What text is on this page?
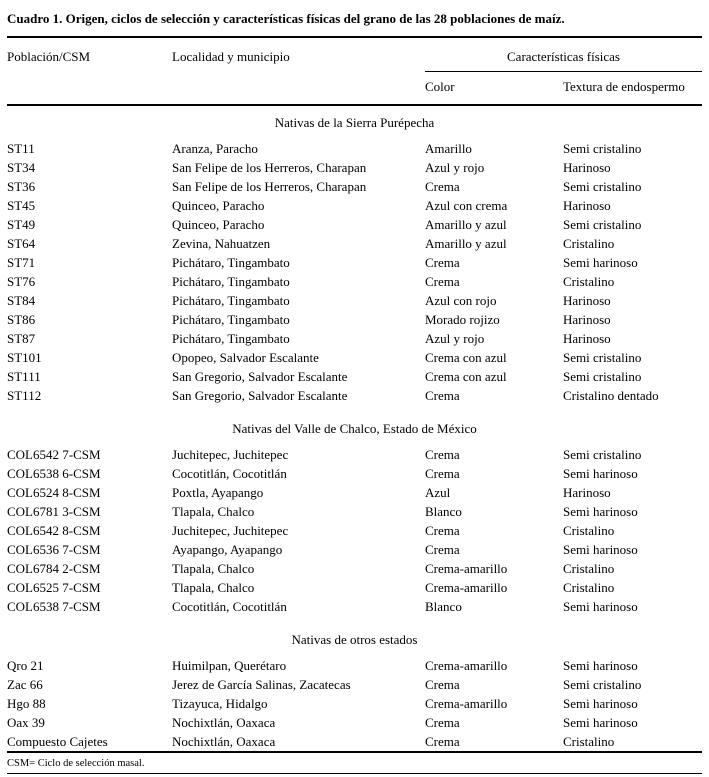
Cuadro 1. Origen, ciclos de selección y características físicas del grano de las 28 poblaciones de maíz.
Población/CSM	Localidad y municipio	Características físicas	
		Color	Textura de endospermo
Nativas de la Sierra Purépecha			
ST11	Aranza, Paracho	Amarillo	Semi cristalino
ST34	San Felipe de los Herreros, Charapan	Azul y rojo	Harinoso
ST36	San Felipe de los Herreros, Charapan	Crema	Semi cristalino
ST45	Quinceo, Paracho	Azul con crema	Harinoso
ST49	Quinceo, Paracho	Amarillo y azul	Semi cristalino
ST64	Zevina, Nahuatzen	Amarillo y azul	Cristalino
ST71	Pichátaro, Tingambato	Crema	Semi harinoso
ST76	Pichátaro, Tingambato	Crema	Cristalino
ST84	Pichátaro, Tingambato	Azul con rojo	Harinoso
ST86	Pichátaro, Tingambato	Morado rojizo	Harinoso
ST87	Pichátaro, Tingambato	Azul y rojo	Harinoso
ST101	Opopeo, Salvador Escalante	Crema con azul	Semi cristalino
ST111	San Gregorio, Salvador Escalante	Crema con azul	Semi cristalino
ST112	San Gregorio, Salvador Escalante	Crema	Cristalino dentado
Nativas del Valle de Chalco, Estado de México			
COL6542 7-CSM	Juchitepec, Juchitepec	Crema	Semi cristalino
COL6538 6-CSM	Cocotitlán, Cocotitlán	Crema	Semi harinoso
COL6524 8-CSM	Poxtla, Ayapango	Azul	Harinoso
COL6781 3-CSM	Tlapala, Chalco	Blanco	Semi harinoso
COL6542 8-CSM	Juchitepec, Juchitepec	Crema	Cristalino
COL6536 7-CSM	Ayapango, Ayapango	Crema	Semi harinoso
COL6784 2-CSM	Tlapala, Chalco	Crema-amarillo	Cristalino
COL6525 7-CSM	Tlapala, Chalco	Crema-amarillo	Cristalino
COL6538 7-CSM	Cocotitlán, Cocotitlán	Blanco	Semi harinoso
Nativas de otros estados			
Qro 21	Huimilpan, Querétaro	Crema-amarillo	Semi harinoso
Zac 66	Jerez de García Salinas, Zacatecas	Crema	Semi cristalino
Hgo 88	Tizayuca, Hidalgo	Crema-amarillo	Semi harinoso
Oax 39	Nochixtlán, Oaxaca	Crema	Semi harinoso
Compuesto Cajetes	Nochixtlán, Oaxaca	Crema	Cristalino
CSM= Ciclo de selección masal.
